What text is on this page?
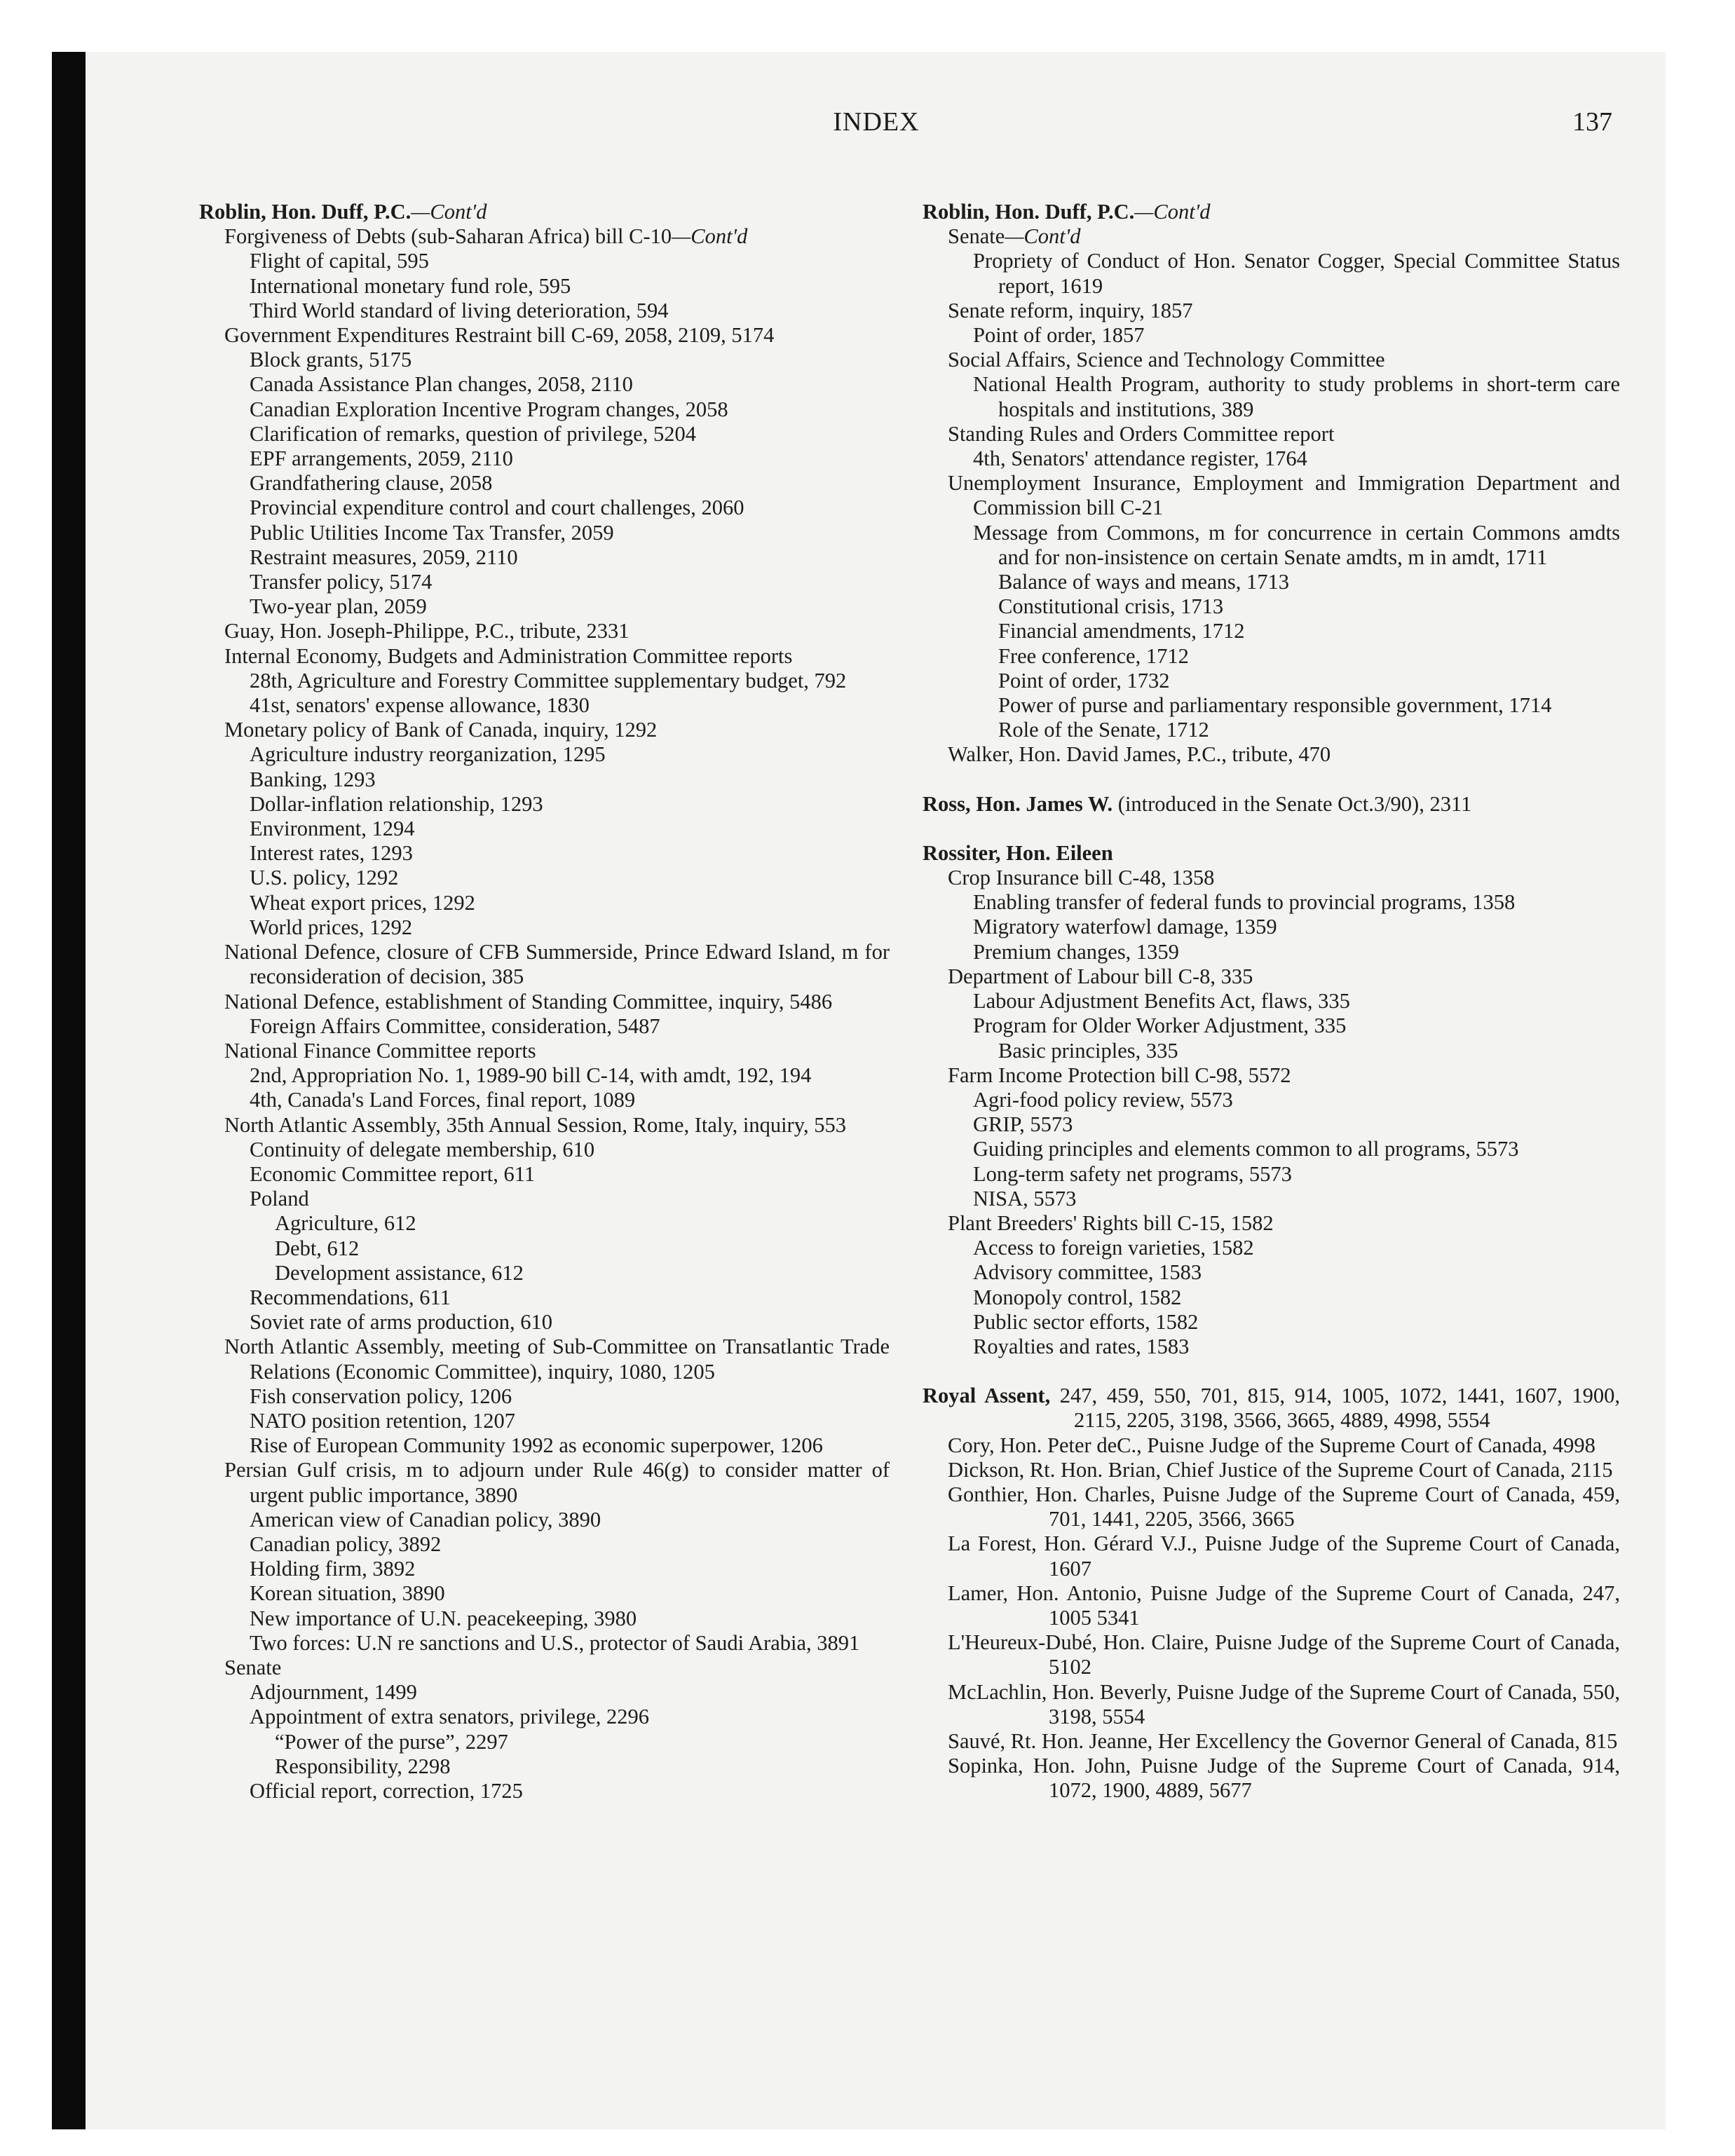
INDEX	137
Roblin, Hon. Duff, P.C.—Cont'd
Forgiveness of Debts (sub-Saharan Africa) bill C-10—Cont'd
Flight of capital, 595
International monetary fund role, 595
Third World standard of living deterioration, 594
Government Expenditures Restraint bill C-69, 2058, 2109, 5174
Block grants, 5175
Canada Assistance Plan changes, 2058, 2110
Canadian Exploration Incentive Program changes, 2058
Clarification of remarks, question of privilege, 5204
EPF arrangements, 2059, 2110
Grandfathering clause, 2058
Provincial expenditure control and court challenges, 2060
Public Utilities Income Tax Transfer, 2059
Restraint measures, 2059, 2110
Transfer policy, 5174
Two-year plan, 2059
Guay, Hon. Joseph-Philippe, P.C., tribute, 2331
Internal Economy, Budgets and Administration Committee reports
28th, Agriculture and Forestry Committee supplementary budget, 792
41st, senators' expense allowance, 1830
Monetary policy of Bank of Canada, inquiry, 1292
Agriculture industry reorganization, 1295
Banking, 1293
Dollar-inflation relationship, 1293
Environment, 1294
Interest rates, 1293
U.S. policy, 1292
Wheat export prices, 1292
World prices, 1292
National Defence, closure of CFB Summerside, Prince Edward Island, m for reconsideration of decision, 385
National Defence, establishment of Standing Committee, inquiry, 5486
Foreign Affairs Committee, consideration, 5487
National Finance Committee reports
2nd, Appropriation No. 1, 1989-90 bill C-14, with amdt, 192, 194
4th, Canada's Land Forces, final report, 1089
North Atlantic Assembly, 35th Annual Session, Rome, Italy, inquiry, 553
Continuity of delegate membership, 610
Economic Committee report, 611
Poland
Agriculture, 612
Debt, 612
Development assistance, 612
Recommendations, 611
Soviet rate of arms production, 610
North Atlantic Assembly, meeting of Sub-Committee on Transatlantic Trade Relations (Economic Committee), inquiry, 1080, 1205
Fish conservation policy, 1206
NATO position retention, 1207
Rise of European Community 1992 as economic superpower, 1206
Persian Gulf crisis, m to adjourn under Rule 46(g) to consider matter of urgent public importance, 3890
American view of Canadian policy, 3890
Canadian policy, 3892
Holding firm, 3892
Korean situation, 3890
New importance of U.N. peacekeeping, 3980
Two forces: U.N re sanctions and U.S., protector of Saudi Arabia, 3891
Senate
Adjournment, 1499
Appointment of extra senators, privilege, 2296
“Power of the purse”, 2297
Responsibility, 2298
Official report, correction, 1725
Roblin, Hon. Duff, P.C.—Cont'd
Senate—Cont'd
Propriety of Conduct of Hon. Senator Cogger, Special Committee Status report, 1619
Senate reform, inquiry, 1857
Point of order, 1857
Social Affairs, Science and Technology Committee
National Health Program, authority to study problems in short-term care hospitals and institutions, 389
Standing Rules and Orders Committee report
4th, Senators' attendance register, 1764
Unemployment Insurance, Employment and Immigration Department and Commission bill C-21
Message from Commons, m for concurrence in certain Commons amdts and for non-insistence on certain Senate amdts, m in amdt, 1711
Balance of ways and means, 1713
Constitutional crisis, 1713
Financial amendments, 1712
Free conference, 1712
Point of order, 1732
Power of purse and parliamentary responsible government, 1714
Role of the Senate, 1712
Walker, Hon. David James, P.C., tribute, 470
Ross, Hon. James W. (introduced in the Senate Oct.3/90), 2311
Rossiter, Hon. Eileen
Crop Insurance bill C-48, 1358
Enabling transfer of federal funds to provincial programs, 1358
Migratory waterfowl damage, 1359
Premium changes, 1359
Department of Labour bill C-8, 335
Labour Adjustment Benefits Act, flaws, 335
Program for Older Worker Adjustment, 335
Basic principles, 335
Farm Income Protection bill C-98, 5572
Agri-food policy review, 5573
GRIP, 5573
Guiding principles and elements common to all programs, 5573
Long-term safety net programs, 5573
NISA, 5573
Plant Breeders' Rights bill C-15, 1582
Access to foreign varieties, 1582
Advisory committee, 1583
Monopoly control, 1582
Public sector efforts, 1582
Royalties and rates, 1583
Royal Assent, 247, 459, 550, 701, 815, 914, 1005, 1072, 1441, 1607, 1900, 2115, 2205, 3198, 3566, 3665, 4889, 4998, 5554
Cory, Hon. Peter deC., Puisne Judge of the Supreme Court of Canada, 4998
Dickson, Rt. Hon. Brian, Chief Justice of the Supreme Court of Canada, 2115
Gonthier, Hon. Charles, Puisne Judge of the Supreme Court of Canada, 459, 701, 1441, 2205, 3566, 3665
La Forest, Hon. Gérard V.J., Puisne Judge of the Supreme Court of Canada, 1607
Lamer, Hon. Antonio, Puisne Judge of the Supreme Court of Canada, 247, 1005 5341
L'Heureux-Dubé, Hon. Claire, Puisne Judge of the Supreme Court of Canada, 5102
McLachlin, Hon. Beverly, Puisne Judge of the Supreme Court of Canada, 550, 3198, 5554
Sauvé, Rt. Hon. Jeanne, Her Excellency the Governor General of Canada, 815
Sopinka, Hon. John, Puisne Judge of the Supreme Court of Canada, 914, 1072, 1900, 4889, 5677
